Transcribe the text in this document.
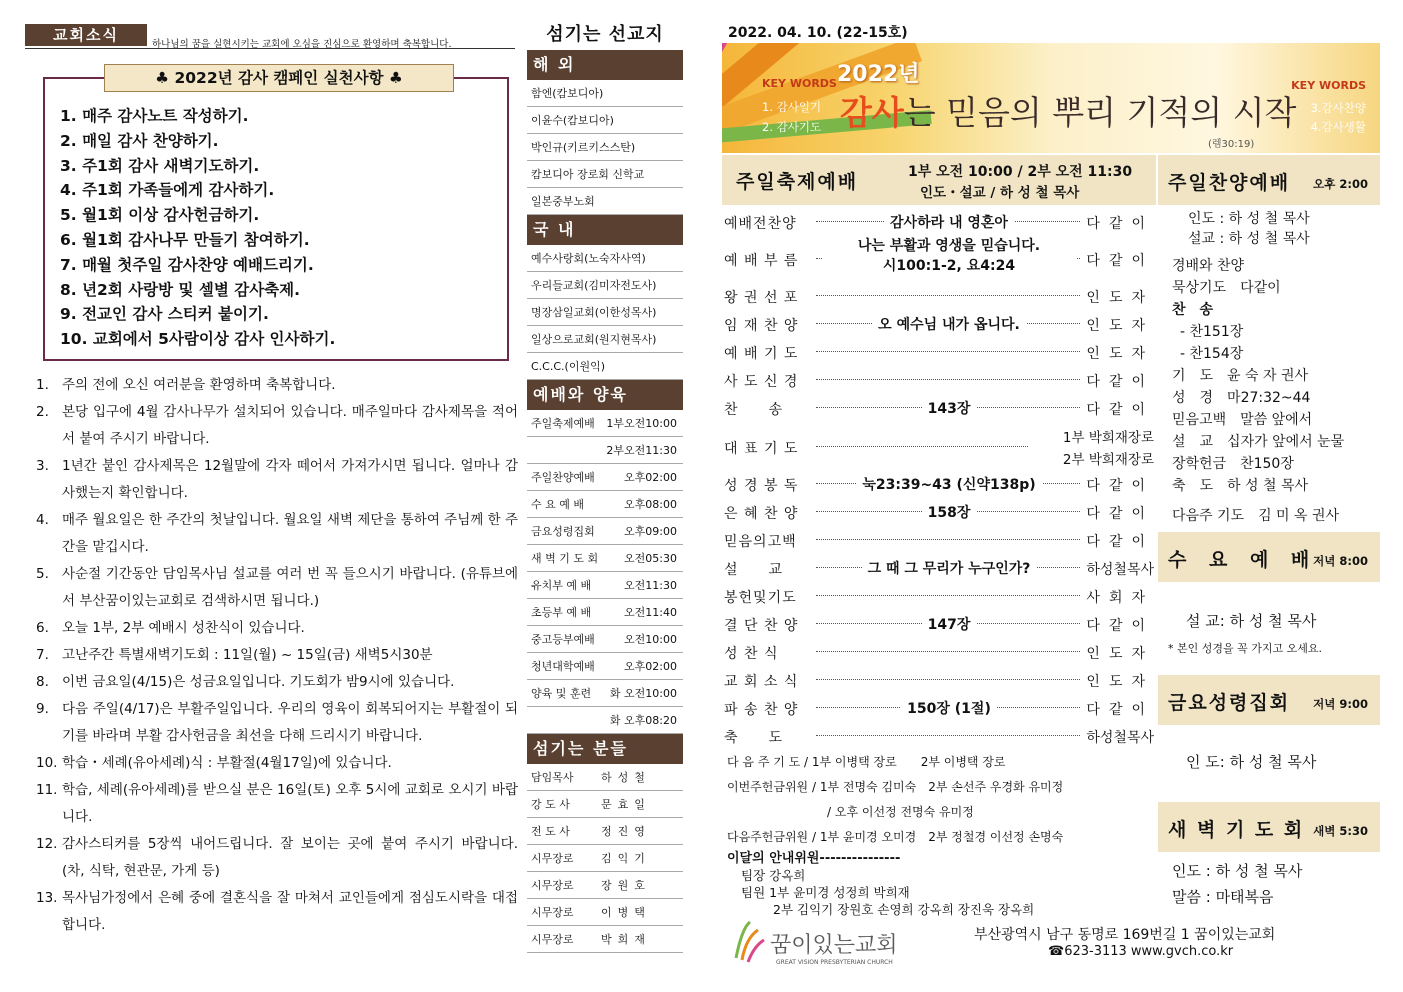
교회소식
하나님의 꿈을 실현시키는 교회에 오심을 진심으로 환영하며 축복합니다.
♣ 2022년 감사 캠페인 실천사항 ♣
1. 매주 감사노트 작성하기.
2. 매일 감사 찬양하기.
3. 주1회 감사 새벽기도하기.
4. 주1회 가족들에게 감사하기.
5. 월1회 이상 감사헌금하기.
6. 월1회 감사나무 만들기 참여하기.
7. 매월 첫주일 감사찬양 예배드리기.
8. 년2회 사랑방 및 셀별 감사축제.
9. 전교인 감사 스티커 붙이기.
10. 교회에서 5사람이상 감사 인사하기.
1. 주의 전에 오신 여러분을 환영하며 축복합니다.
2. 본당 입구에 4월 감사나무가 설치되어 있습니다. 매주일마다 감사제목을 적어서 붙여 주시기 바랍니다.
3. 1년간 붙인 감사제목은 12월말에 각자 떼어서 가져가시면 됩니다. 얼마나 감사했는지 확인합니다.
4. 매주 월요일은 한 주간의 첫날입니다. 월요일 새벽 제단을 통하여 주님께 한 주간을 맡깁시다.
5. 사순절 기간동안 담임목사님 설교를 여러 번 꼭 들으시기 바랍니다. (유튜브에서 부산꿈이있는교회로 검색하시면 됩니다.)
6. 오늘 1부, 2부 예배시 성찬식이 있습니다.
7. 고난주간 특별새벽기도회 : 11일(월) ~ 15일(금) 새벽5시30분
8. 이번 금요일(4/15)은 성금요일입니다. 기도회가 밤9시에 있습니다.
9. 다음 주일(4/17)은 부활주일입니다. 우리의 영육이 회복되어지는 부활절이 되기를 바라며 부활 감사헌금을 최선을 다해 드리시기 바랍니다.
10. 학습・세례(유아세례)식 : 부활절(4월17일)에 있습니다.
11. 학습, 세례(유아세례)를 받으실 분은 16일(토) 오후 5시에 교회로 오시기 바랍니다.
12. 감사스티커를 5장씩 내어드립니다. 잘 보이는 곳에 붙여 주시기 바랍니다. (차, 식탁, 현관문, 가게 등)
13. 목사님가정에서 은혜 중에 결혼식을 잘 마쳐서 교인들에게 점심도시락을 대접합니다.
섬기는 선교지
해 외
함엔(캄보디아)
이윤수(캄보디아)
박인규(키르키스스탄)
캄보디아 장로회 신학교
일본중부노회
국 내
예수사랑회(노숙자사역)
우리들교회(김미자전도사)
명장삼일교회(이한성목사)
일상으로교회(원지현목사)
C.C.C.(이원익)
예배와 양육
주일축제예배	1부오전10:00
2부오전11:30
주일찬양예배	오후02:00
수 요 예 배	오후08:00
금요성령집회	오후09:00
새 벽 기 도 회	오전05:30
유치부 예 배	오전11:30
초등부 예 배	오전11:40
중고등부예배	오전10:00
청년대학예배	오후02:00
양육 및 훈련	화 오전10:00
화 오후08:20
섬기는 분들
담임목사	하성철
강 도 사	문효일
전 도 사	정진영
시무장로	김익기
시무장로	장원호
시무장로	이병택
시무장로	박희재
2022. 04. 10. (22-15호)
KEY WORDS
1. 감사일기
2. 감사기도
2022년
감사는 믿음의 뿌리 기적의 시작
(렘30:19)
KEY WORDS
3.감사찬양
4.감사생활
주일축제예배	1부 오전 10:00 / 2부 오전 11:30
인도・설교 / 하 성 철 목사
예배전찬양	감사하라 내 영혼아	다같이
예 배 부 름
나는 부활과 영생을 믿습니다.
시100:1-2, 요4:24	다같이
왕 권 선 포	인도자
임 재 찬 양	오 예수님 내가 옵니다.	인도자
예 배 기 도	인도자
사 도 신 경	다같이
찬　　송	143장	다같이
대 표 기 도
1부 박희재장로
2부 박희재장로
성 경 봉 독	눅23:39~43 (신약138p)	다같이
은 혜 찬 양	158장	다같이
믿음의고백	다같이
설　　교	그 때 그 무리가 누구인가?	하성철목사
봉헌및기도	사회자
결 단 찬 양	147장	다같이
성 찬 식	인도자
교 회 소 식	인도자
파 송 찬 양	150장 (1절)	다같이
축　　도	하성철목사
다 음 주 기 도 / 1부 이병택 장로　　2부 이병택 장로
이번주헌금위원 / 1부 전명숙 김미숙　2부 손선주 우경화 유미정
/ 오후 이선정 전명숙 유미정
다음주헌금위원 / 1부 윤미경 오미경　2부 정철경 이선정 손명숙
이달의 안내위원---------------
팀장 강옥희
팀원 1부 윤미경 성정희 박희재
2부 김익기 장원호 손영희 강옥희 장진욱 장옥희
꿈이있는교회
GREAT VISION PRESBYTERIAN CHURCH
부산광역시 남구 동명로 169번길 1 꿈이있는교회
☎623-3113 www.gvch.co.kr
주일찬양예배 오후 2:00
인도 : 하 성 철 목사
설교 : 하 성 철 목사
경배와 찬양
묵상기도　다같이
찬　송
- 찬151장
- 찬154장
기　도　윤 숙 자 권사
성　경　마27:32~44
믿음고백　말씀 앞에서
설　교　십자가 앞에서 눈물
장학헌금　찬150장
축　도　하 성 철 목사
다음주 기도　김 미 옥 권사
수 요 예 배
저녁 8:00
설 교: 하 성 철 목사
* 본인 성경을 꼭 가지고 오세요.
금요성령집회 저녁 9:00
인 도: 하 성 철 목사
새 벽 기 도 회 새벽 5:30
인도 : 하 성 철 목사
말씀 : 마태복음
